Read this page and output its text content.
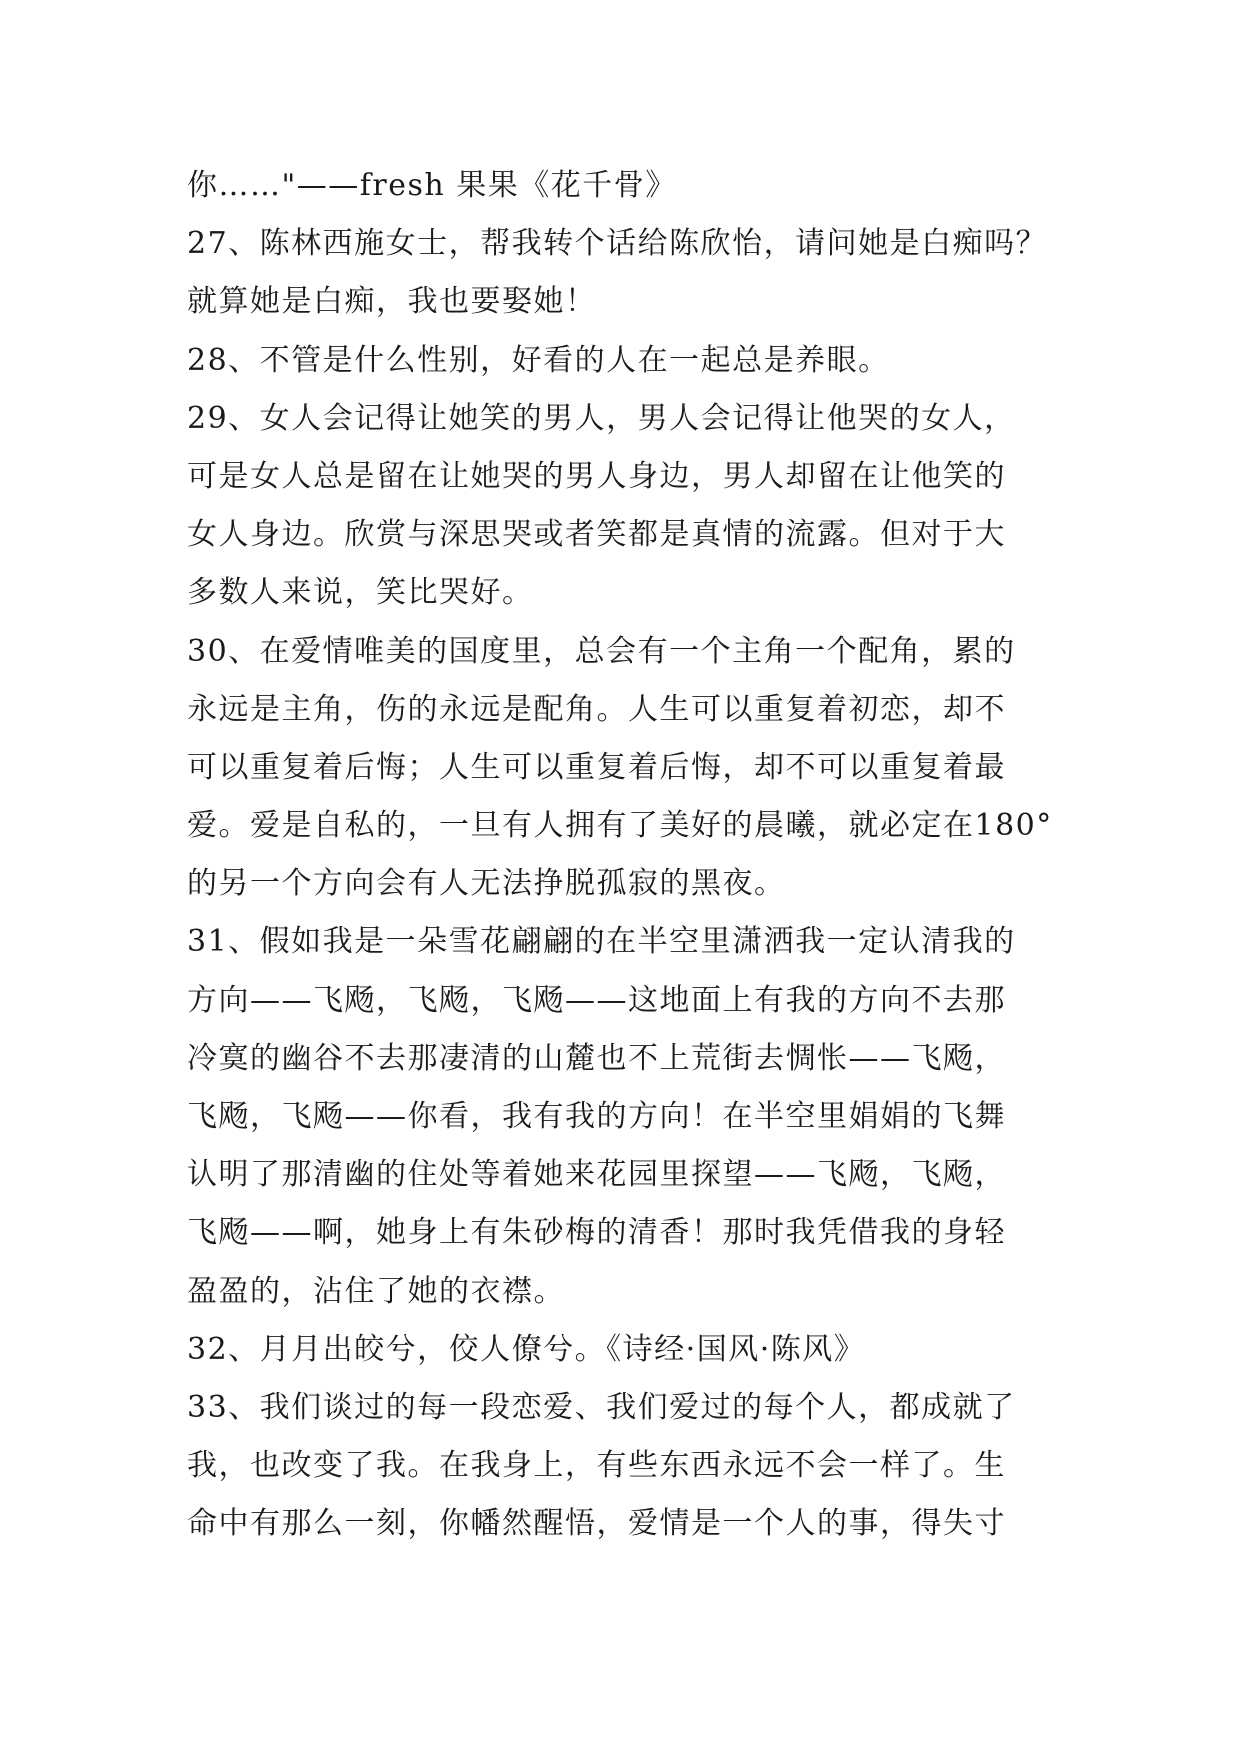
你……"——fresh 果果《花千骨》
27、陈林西施女士，帮我转个话给陈欣怡，请问她是白痴吗？
就算她是白痴，我也要娶她！
28、不管是什么性别，好看的人在一起总是养眼。
29、女人会记得让她笑的男人，男人会记得让他哭的女人，
可是女人总是留在让她哭的男人身边，男人却留在让他笑的
女人身边。欣赏与深思哭或者笑都是真情的流露。但对于大
多数人来说，笑比哭好。
30、在爱情唯美的国度里，总会有一个主角一个配角，累的
永远是主角，伤的永远是配角。人生可以重复着初恋，却不
可以重复着后悔；人生可以重复着后悔，却不可以重复着最
爱。爱是自私的，一旦有人拥有了美好的晨曦，就必定在180°
的另一个方向会有人无法挣脱孤寂的黑夜。
31、假如我是一朵雪花翩翩的在半空里潇洒我一定认清我的
方向——飞飏，飞飏，飞飏——这地面上有我的方向不去那
冷寞的幽谷不去那凄清的山麓也不上荒街去惆怅——飞飏，
飞飏，飞飏——你看，我有我的方向！在半空里娟娟的飞舞
认明了那清幽的住处等着她来花园里探望——飞飏，飞飏，
飞飏——啊，她身上有朱砂梅的清香！那时我凭借我的身轻
盈盈的，沾住了她的衣襟。
32、月月出皎兮，佼人僚兮。《诗经·国风·陈风》
33、我们谈过的每一段恋爱、我们爱过的每个人，都成就了
我，也改变了我。在我身上，有些东西永远不会一样了。生
命中有那么一刻，你幡然醒悟，爱情是一个人的事，得失寸
